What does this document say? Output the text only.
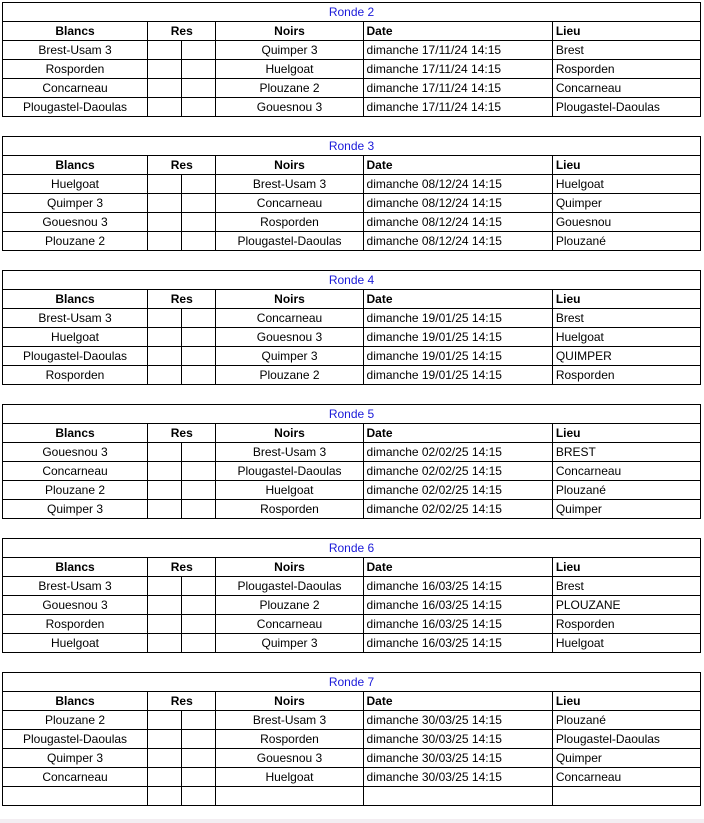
Ronde 2					
Blancs	Res		Noirs	Date	Lieu
Brest-Usam 3			Quimper 3	dimanche 17/11/24 14:15	Brest
Rosporden			Huelgoat	dimanche 17/11/24 14:15	Rosporden
Concarneau			Plouzane 2	dimanche 17/11/24 14:15	Concarneau
Plougastel-Daoulas			Gouesnou 3	dimanche 17/11/24 14:15	Plougastel-Daoulas
Ronde 3					
Blancs	Res		Noirs	Date	Lieu
Huelgoat			Brest-Usam 3	dimanche 08/12/24 14:15	Huelgoat
Quimper 3			Concarneau	dimanche 08/12/24 14:15	Quimper
Gouesnou 3			Rosporden	dimanche 08/12/24 14:15	Gouesnou
Plouzane 2			Plougastel-Daoulas	dimanche 08/12/24 14:15	Plouzané
Ronde 4					
Blancs	Res		Noirs	Date	Lieu
Brest-Usam 3			Concarneau	dimanche 19/01/25 14:15	Brest
Huelgoat			Gouesnou 3	dimanche 19/01/25 14:15	Huelgoat
Plougastel-Daoulas			Quimper 3	dimanche 19/01/25 14:15	QUIMPER
Rosporden			Plouzane 2	dimanche 19/01/25 14:15	Rosporden
Ronde 5					
Blancs	Res		Noirs	Date	Lieu
Gouesnou 3			Brest-Usam 3	dimanche 02/02/25 14:15	BREST
Concarneau			Plougastel-Daoulas	dimanche 02/02/25 14:15	Concarneau
Plouzane 2			Huelgoat	dimanche 02/02/25 14:15	Plouzané
Quimper 3			Rosporden	dimanche 02/02/25 14:15	Quimper
Ronde 6					
Blancs	Res		Noirs	Date	Lieu
Brest-Usam 3			Plougastel-Daoulas	dimanche 16/03/25 14:15	Brest
Gouesnou 3			Plouzane 2	dimanche 16/03/25 14:15	PLOUZANE
Rosporden			Concarneau	dimanche 16/03/25 14:15	Rosporden
Huelgoat			Quimper 3	dimanche 16/03/25 14:15	Huelgoat
Ronde 7					
Blancs	Res		Noirs	Date	Lieu
Plouzane 2			Brest-Usam 3	dimanche 30/03/25 14:15	Plouzané
Plougastel-Daoulas			Rosporden	dimanche 30/03/25 14:15	Plougastel-Daoulas
Quimper 3			Gouesnou 3	dimanche 30/03/25 14:15	Quimper
Concarneau			Huelgoat	dimanche 30/03/25 14:15	Concarneau
